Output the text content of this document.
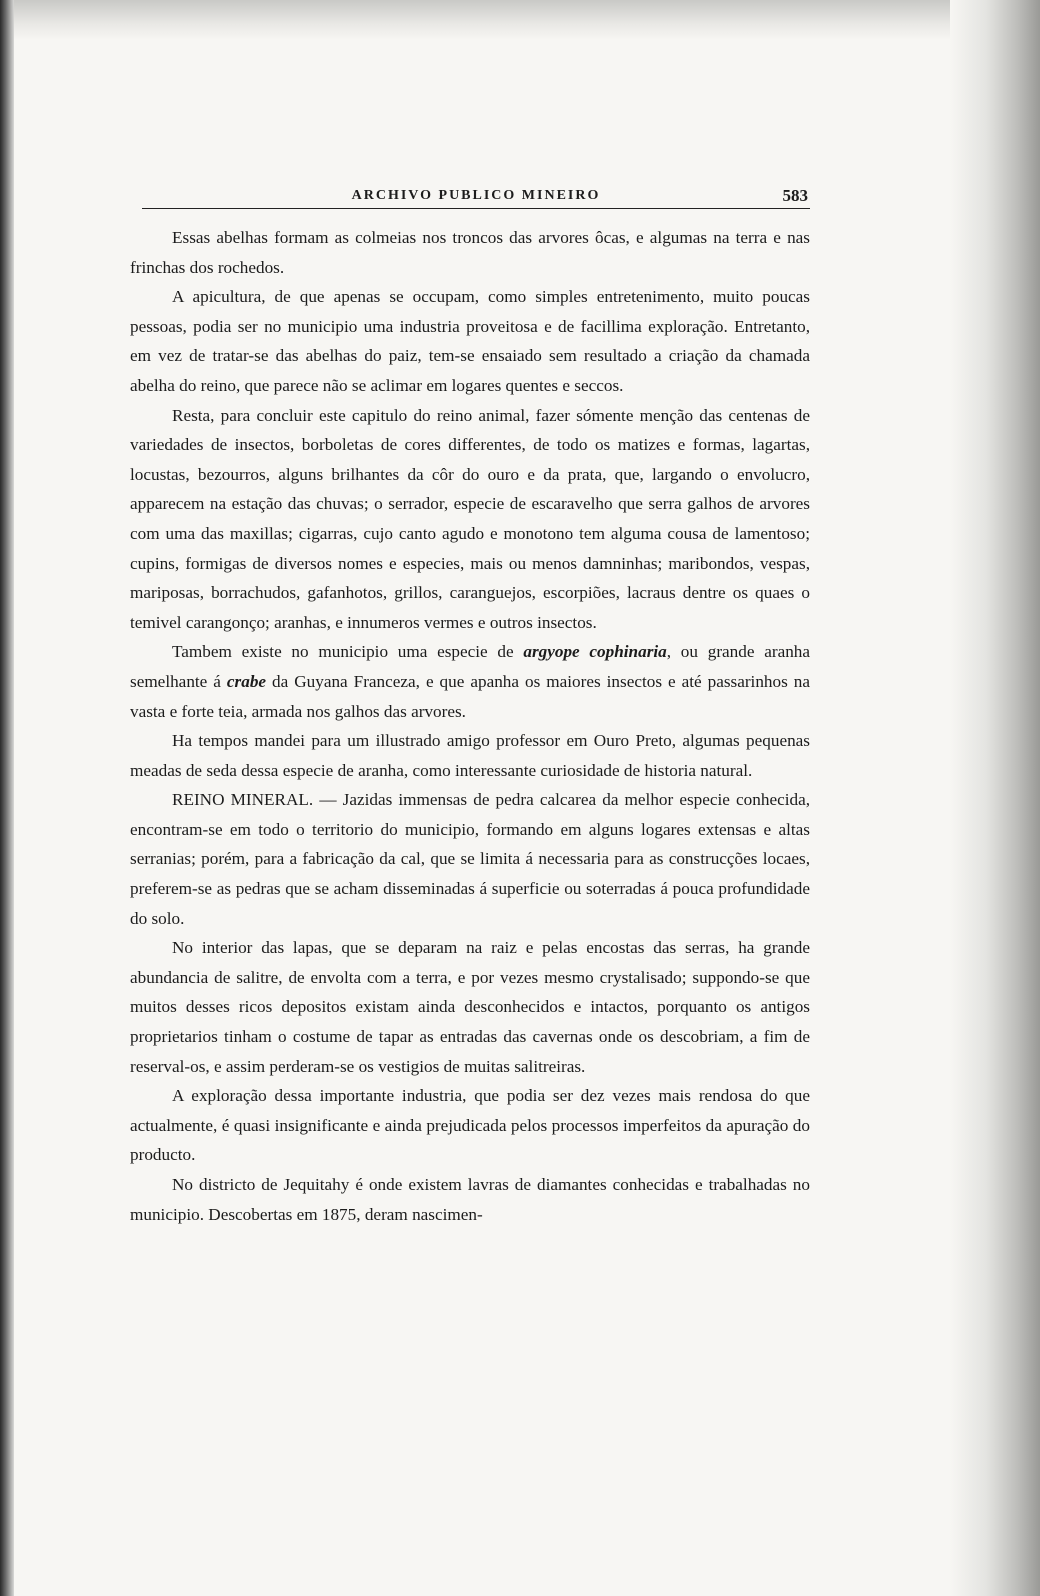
ARCHIVO PUBLICO MINEIRO	583

Essas abelhas formam as colmeias nos troncos das arvores ôcas, e algumas na terra e nas frinchas dos rochedos.

A apicultura, de que apenas se occupam, como simples entretenimento, muito poucas pessoas, podia ser no municipio uma industria proveitosa e de facillima exploração. Entretanto, em vez de tratar-se das abelhas do paiz, tem-se ensaiado sem resultado a criação da chamada abelha do reino, que parece não se aclimar em logares quentes e seccos.

Resta, para concluir este capitulo do reino animal, fazer sómente menção das centenas de variedades de insectos, borboletas de cores differentes, de todo os matizes e formas, lagartas, locustas, bezourros, alguns brilhantes da côr do ouro e da prata, que, largando o envolucro, apparecem na estação das chuvas; o serrador, especie de escaravelho que serra galhos de arvores com uma das maxillas; cigarras, cujo canto agudo e monotono tem alguma cousa de lamentoso; cupins, formigas de diversos nomes e especies, mais ou menos damninhas; maribondos, vespas, mariposas, borrachudos, gafanhotos, grillos, caranguejos, escorpiões, lacraus dentre os quaes o temivel carangonço; aranhas, e innumeros vermes e outros insectos.

Tambem existe no municipio uma especie de argyope cophinaria, ou grande aranha semelhante á crabe da Guyana Franceza, e que apanha os maiores insectos e até passarinhos na vasta e forte teia, armada nos galhos das arvores.

Ha tempos mandei para um illustrado amigo professor em Ouro Preto, algumas pequenas meadas de seda dessa especie de aranha, como interessante curiosidade de historia natural.

REINO MINERAL. — Jazidas immensas de pedra calcarea da melhor especie conhecida, encontram-se em todo o territorio do municipio, formando em alguns logares extensas e altas serranias; porém, para a fabricação da cal, que se limita á necessaria para as construcções locaes, preferem-se as pedras que se acham disseminadas á superficie ou soterradas á pouca profundidade do solo.

No interior das lapas, que se deparam na raiz e pelas encostas das serras, ha grande abundancia de salitre, de envolta com a terra, e por vezes mesmo crystalisado; suppondo-se que muitos desses ricos depositos existam ainda desconhecidos e intactos, porquanto os antigos proprietarios tinham o costume de tapar as entradas das cavernas onde os descobriam, a fim de reserval-os, e assim perderam-se os vestigios de muitas salitreiras.

A exploração dessa importante industria, que podia ser dez vezes mais rendosa do que actualmente, é quasi insignificante e ainda prejudicada pelos processos imperfeitos da apuração do producto.

No districto de Jequitahy é onde existem lavras de diamantes conhecidas e trabalhadas no municipio. Descobertas em 1875, deram nascimen-
